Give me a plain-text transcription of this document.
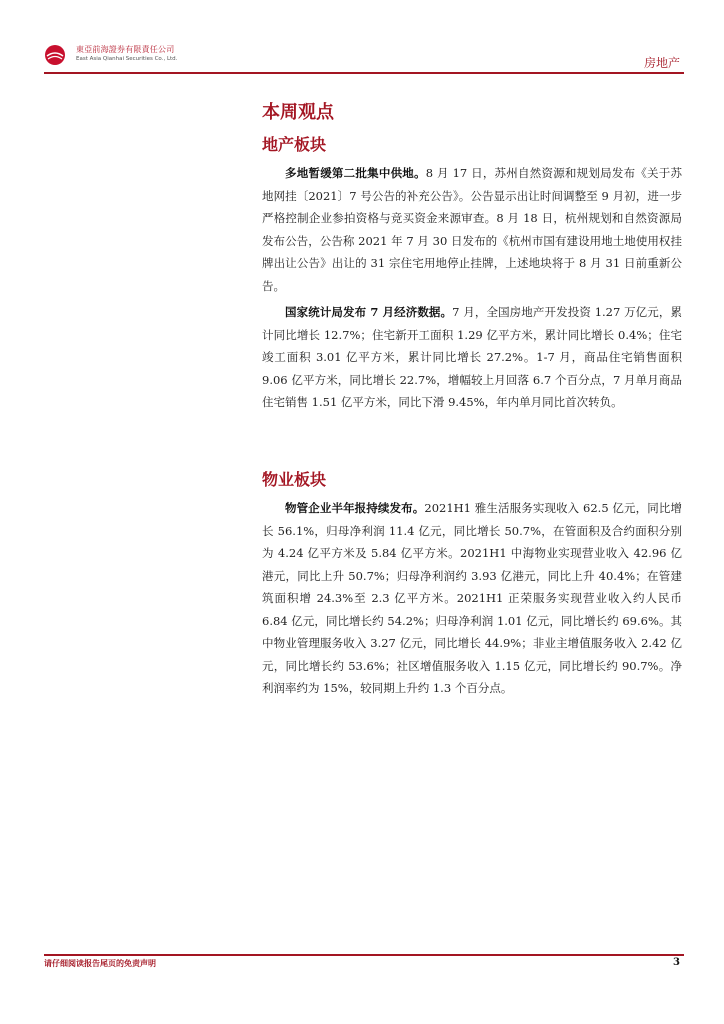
東亞前海證券有限責任公司
East Asia Qianhai Securities Co., Ltd.	房地产
本周观点
地产板块

多地暂缓第二批集中供地。8 月 17 日，苏州自然资源和规划局发布《关于苏地网挂〔2021〕7 号公告的补充公告》。公告显示出让时间调整至 9 月初，进一步严格控制企业参拍资格与竞买资金来源审查。8 月 18 日，杭州规划和自然资源局发布公告，公告称 2021 年 7 月 30 日发布的《杭州市国有建设用地土地使用权挂牌出让公告》出让的 31 宗住宅用地停止挂牌，上述地块将于 8 月 31 日前重新公告。

国家统计局发布 7 月经济数据。7 月，全国房地产开发投资 1.27 万亿元，累计同比增长 12.7%；住宅新开工面积 1.29 亿平方米，累计同比增长 0.4%；住宅竣工面积 3.01 亿平方米，累计同比增长 27.2%。1-7 月，商品住宅销售面积 9.06 亿平方米，同比增长 22.7%，增幅较上月回落 6.7 个百分点，7 月单月商品住宅销售 1.51 亿平方米，同比下滑 9.45%，年内单月同比首次转负。

物业板块

物管企业半年报持续发布。2021H1 雅生活服务实现收入 62.5 亿元，同比增长 56.1%，归母净利润 11.4 亿元，同比增长 50.7%，在管面积及合约面积分别为 4.24 亿平方米及 5.84 亿平方米。2021H1 中海物业实现营业收入 42.96 亿港元，同比上升 50.7%；归母净利润约 3.93 亿港元，同比上升 40.4%；在管建筑面积增 24.3%至 2.3 亿平方米。2021H1 正荣服务实现营业收入约人民币 6.84 亿元，同比增长约 54.2%；归母净利润 1.01 亿元，同比增长约 69.6%。其中物业管理服务收入 3.27 亿元，同比增长 44.9%；非业主增值服务收入 2.42 亿元，同比增长约 53.6%；社区增值服务收入 1.15 亿元，同比增长约 90.7%。净利润率约为 15%，较同期上升约 1.3 个百分点。

请仔细阅读报告尾页的免责声明	3
